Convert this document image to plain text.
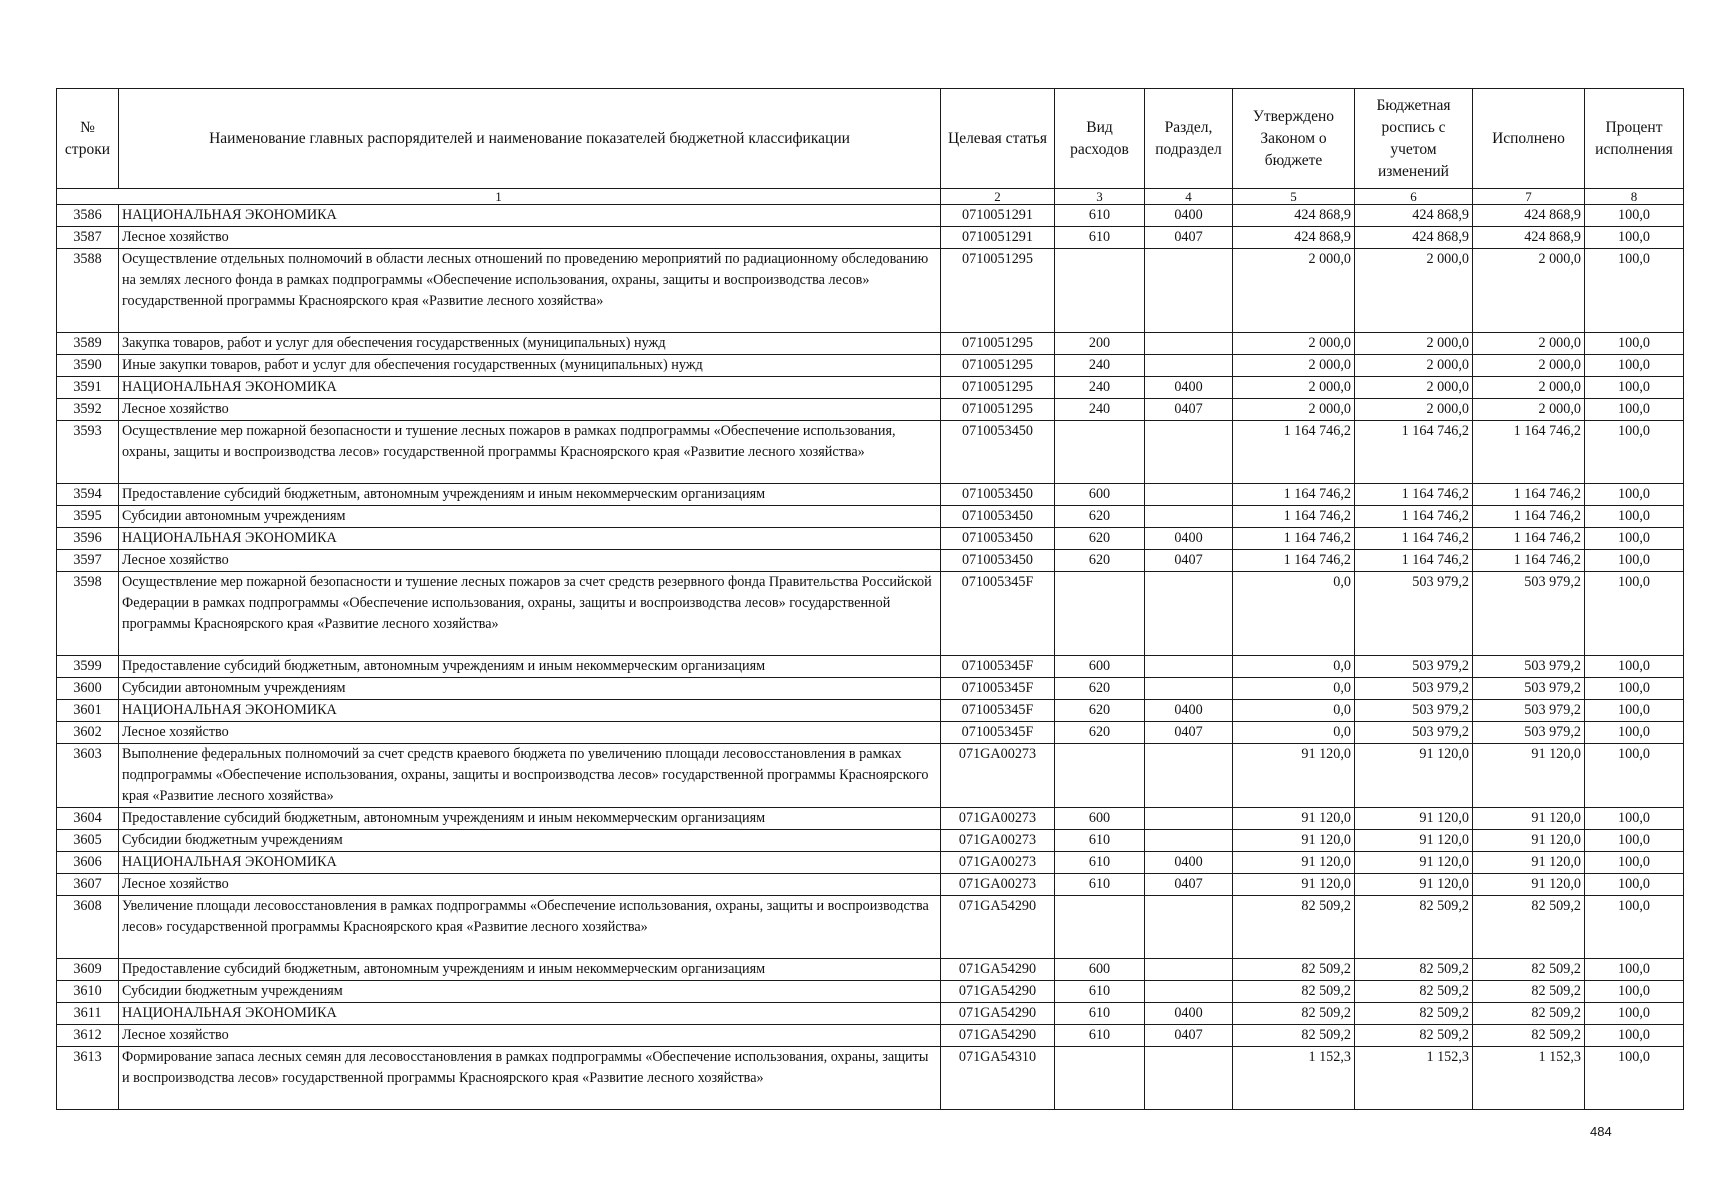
№ строки	Наименование главных распорядителей и наименование показателей бюджетной классификации	Целевая статья	Вид расходов	Раздел, подраздел	Утверждено Законом о бюджете	Бюджетная роспись с учетом изменений	Исполнено	Процент исполнения
1		2	3	4	5	6	7	8
3586	НАЦИОНАЛЬНАЯ ЭКОНОМИКА	0710051291	610	0400	424 868,9	424 868,9	424 868,9	100,0
3587	Лесное хозяйство	0710051291	610	0407	424 868,9	424 868,9	424 868,9	100,0
3588	Осуществление отдельных полномочий в области лесных отношений по проведению мероприятий по радиационному обследованию на землях лесного фонда в рамках подпрограммы «Обеспечение использования, охраны, защиты и воспроизводства лесов» государственной программы Красноярского края «Развитие лесного хозяйства»	0710051295			2 000,0	2 000,0	2 000,0	100,0
3589	Закупка товаров, работ и услуг для обеспечения государственных (муниципальных) нужд	0710051295	200		2 000,0	2 000,0	2 000,0	100,0
3590	Иные закупки товаров, работ и услуг для обеспечения государственных (муниципальных) нужд	0710051295	240		2 000,0	2 000,0	2 000,0	100,0
3591	НАЦИОНАЛЬНАЯ ЭКОНОМИКА	0710051295	240	0400	2 000,0	2 000,0	2 000,0	100,0
3592	Лесное хозяйство	0710051295	240	0407	2 000,0	2 000,0	2 000,0	100,0
3593	Осуществление мер пожарной безопасности и тушение лесных пожаров в рамках подпрограммы «Обеспечение использования, охраны, защиты и воспроизводства лесов» государственной программы Красноярского края «Развитие лесного хозяйства»	0710053450			1 164 746,2	1 164 746,2	1 164 746,2	100,0
3594	Предоставление субсидий бюджетным, автономным учреждениям и иным некоммерческим организациям	0710053450	600		1 164 746,2	1 164 746,2	1 164 746,2	100,0
3595	Субсидии автономным учреждениям	0710053450	620		1 164 746,2	1 164 746,2	1 164 746,2	100,0
3596	НАЦИОНАЛЬНАЯ ЭКОНОМИКА	0710053450	620	0400	1 164 746,2	1 164 746,2	1 164 746,2	100,0
3597	Лесное хозяйство	0710053450	620	0407	1 164 746,2	1 164 746,2	1 164 746,2	100,0
3598	Осуществление мер пожарной безопасности и тушение лесных пожаров за счет средств резервного фонда Правительства Российской Федерации в рамках подпрограммы «Обеспечение использования, охраны, защиты и воспроизводства лесов» государственной программы Красноярского края «Развитие лесного хозяйства»	071005345F			0,0	503 979,2	503 979,2	100,0
3599	Предоставление субсидий бюджетным, автономным учреждениям и иным некоммерческим организациям	071005345F	600		0,0	503 979,2	503 979,2	100,0
3600	Субсидии автономным учреждениям	071005345F	620		0,0	503 979,2	503 979,2	100,0
3601	НАЦИОНАЛЬНАЯ ЭКОНОМИКА	071005345F	620	0400	0,0	503 979,2	503 979,2	100,0
3602	Лесное хозяйство	071005345F	620	0407	0,0	503 979,2	503 979,2	100,0
3603	Выполнение федеральных полномочий за счет средств краевого бюджета по увеличению площади лесовосстановления в рамках подпрограммы «Обеспечение использования, охраны, защиты и воспроизводства лесов» государственной программы Красноярского края «Развитие лесного хозяйства»	071GA00273			91 120,0	91 120,0	91 120,0	100,0
3604	Предоставление субсидий бюджетным, автономным учреждениям и иным некоммерческим организациям	071GA00273	600		91 120,0	91 120,0	91 120,0	100,0
3605	Субсидии бюджетным учреждениям	071GA00273	610		91 120,0	91 120,0	91 120,0	100,0
3606	НАЦИОНАЛЬНАЯ ЭКОНОМИКА	071GA00273	610	0400	91 120,0	91 120,0	91 120,0	100,0
3607	Лесное хозяйство	071GA00273	610	0407	91 120,0	91 120,0	91 120,0	100,0
3608	Увеличение площади лесовосстановления в рамках подпрограммы «Обеспечение использования, охраны, защиты и воспроизводства лесов» государственной программы Красноярского края «Развитие лесного хозяйства»	071GA54290			82 509,2	82 509,2	82 509,2	100,0
3609	Предоставление субсидий бюджетным, автономным учреждениям и иным некоммерческим организациям	071GA54290	600		82 509,2	82 509,2	82 509,2	100,0
3610	Субсидии бюджетным учреждениям	071GA54290	610		82 509,2	82 509,2	82 509,2	100,0
3611	НАЦИОНАЛЬНАЯ ЭКОНОМИКА	071GA54290	610	0400	82 509,2	82 509,2	82 509,2	100,0
3612	Лесное хозяйство	071GA54290	610	0407	82 509,2	82 509,2	82 509,2	100,0
3613	Формирование запаса лесных семян для лесовосстановления в рамках подпрограммы «Обеспечение использования, охраны, защиты и воспроизводства лесов» государственной программы Красноярского края «Развитие лесного хозяйства»	071GA54310			1 152,3	1 152,3	1 152,3	100,0
484
